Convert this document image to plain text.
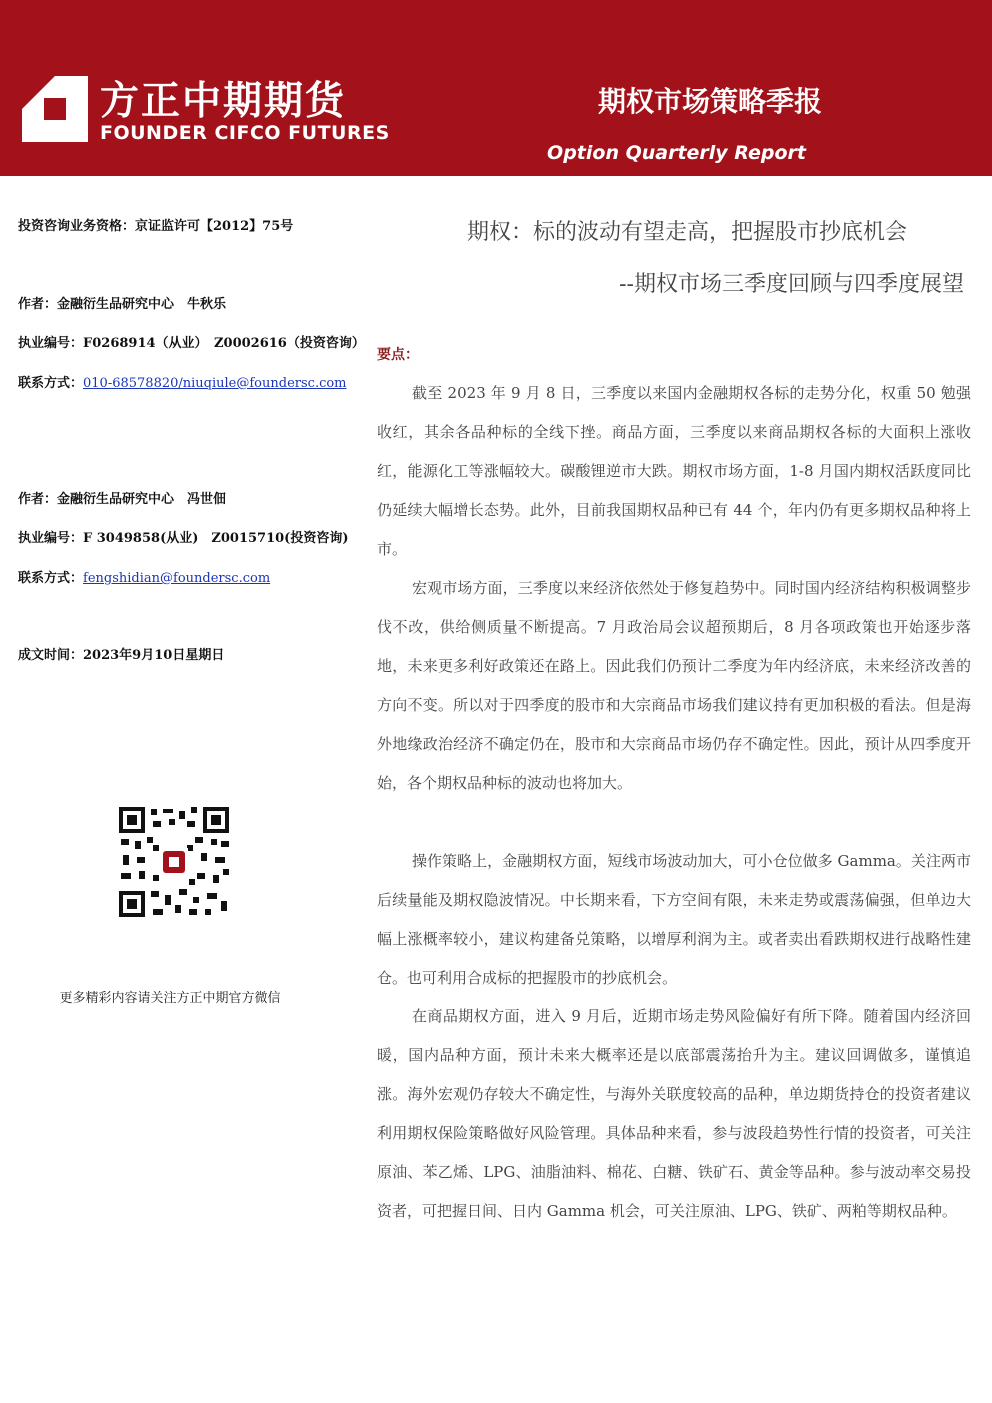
方正中期期货
FOUNDER CIFCO FUTURES
期权市场策略季报
Option Quarterly Report
投资咨询业务资格：京证监许可【2012】75号
作者：金融衍生品研究中心　牛秋乐
执业编号：F0268914（从业）　Z0002616（投资咨询）
联系方式：010-68578820/niuqiule@foundersc.com
作者：金融衍生品研究中心　冯世佃
执业编号：F 3049858(从业)　Z0015710(投资咨询)
联系方式：fengshidian@foundersc.com
成文时间：2023年9月10日星期日
更多精彩内容请关注方正中期官方微信
期权：标的波动有望走高，把握股市抄底机会
--期权市场三季度回顾与四季度展望
要点：

截至 2023 年 9 月 8 日，三季度以来国内金融期权各标的走势分化，权重 50 勉强收红，其余各品种标的全线下挫。商品方面，三季度以来商品期权各标的大面积上涨收红，能源化工等涨幅较大。碳酸锂逆市大跌。期权市场方面，1-8 月国内期权活跃度同比仍延续大幅增长态势。此外，目前我国期权品种已有 44 个，年内仍有更多期权品种将上市。

宏观市场方面，三季度以来经济依然处于修复趋势中。同时国内经济结构积极调整步伐不改，供给侧质量不断提高。7 月政治局会议超预期后，8 月各项政策也开始逐步落地，未来更多利好政策还在路上。因此我们仍预计二季度为年内经济底，未来经济改善的方向不变。所以对于四季度的股市和大宗商品市场我们建议持有更加积极的看法。但是海外地缘政治经济不确定仍在，股市和大宗商品市场仍存不确定性。因此，预计从四季度开始，各个期权品种标的波动也将加大。

操作策略上，金融期权方面，短线市场波动加大，可小仓位做多 Gamma。关注两市后续量能及期权隐波情况。中长期来看，下方空间有限，未来走势或震荡偏强，但单边大幅上涨概率较小，建议构建备兑策略，以增厚利润为主。或者卖出看跌期权进行战略性建仓。也可利用合成标的把握股市的抄底机会。

在商品期权方面，进入 9 月后，近期市场走势风险偏好有所下降。随着国内经济回暖，国内品种方面，预计未来大概率还是以底部震荡抬升为主。建议回调做多，谨慎追涨。海外宏观仍存较大不确定性，与海外关联度较高的品种，单边期货持仓的投资者建议利用期权保险策略做好风险管理。具体品种来看，参与波段趋势性行情的投资者，可关注原油、苯乙烯、LPG、油脂油料、棉花、白糖、铁矿石、黄金等品种。参与波动率交易投资者，可把握日间、日内 Gamma 机会，可关注原油、LPG、铁矿、两粕等期权品种。
